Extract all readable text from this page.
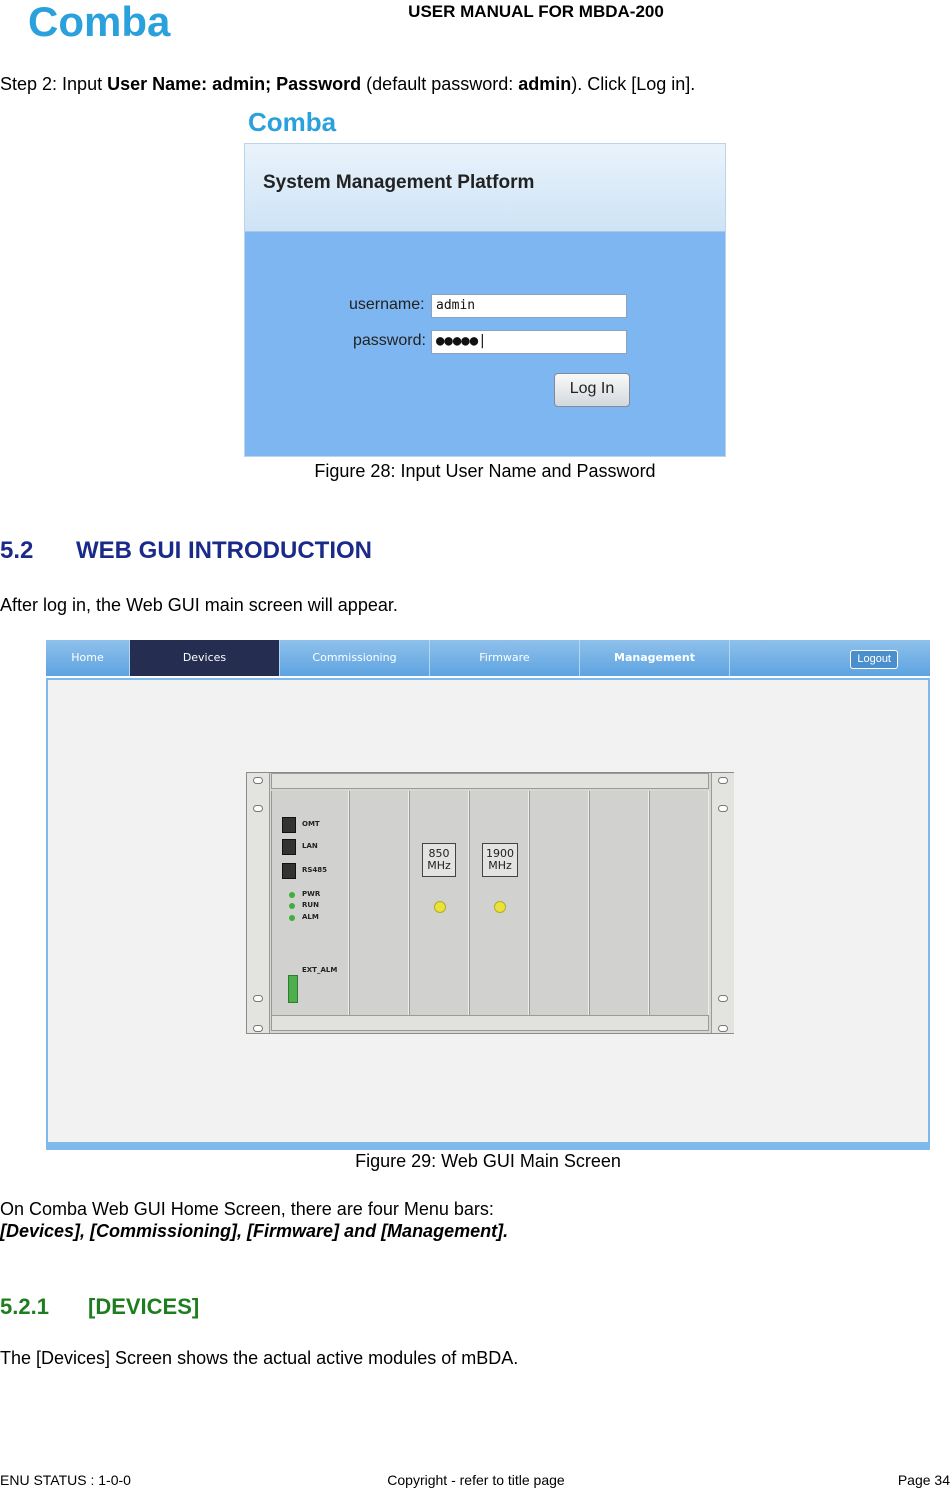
Comba	USER MANUAL FOR MBDA-200
Step 2: Input User Name: admin; Password (default password: admin). Click [Log in].
Comba
System Management Platform
username: admin
password: ●●●●●|
Log In
Figure 28: Input User Name and Password
5.2 WEB GUI INTRODUCTION
After log in, the Web GUI main screen will appear.
Home	Devices	Commissioning	Firmware	Management	Logout
OMT
LAN
RS485
PWR
RUN
ALM
EXT_ALM
850
MHz
1900
MHz
Figure 29: Web GUI Main Screen
On Comba Web GUI Home Screen, there are four Menu bars:
[Devices], [Commissioning], [Firmware] and [Management].
5.2.1 [DEVICES]
The [Devices] Screen shows the actual active modules of mBDA.
ENU STATUS : 1-0-0	Copyright - refer to title page	Page 34
